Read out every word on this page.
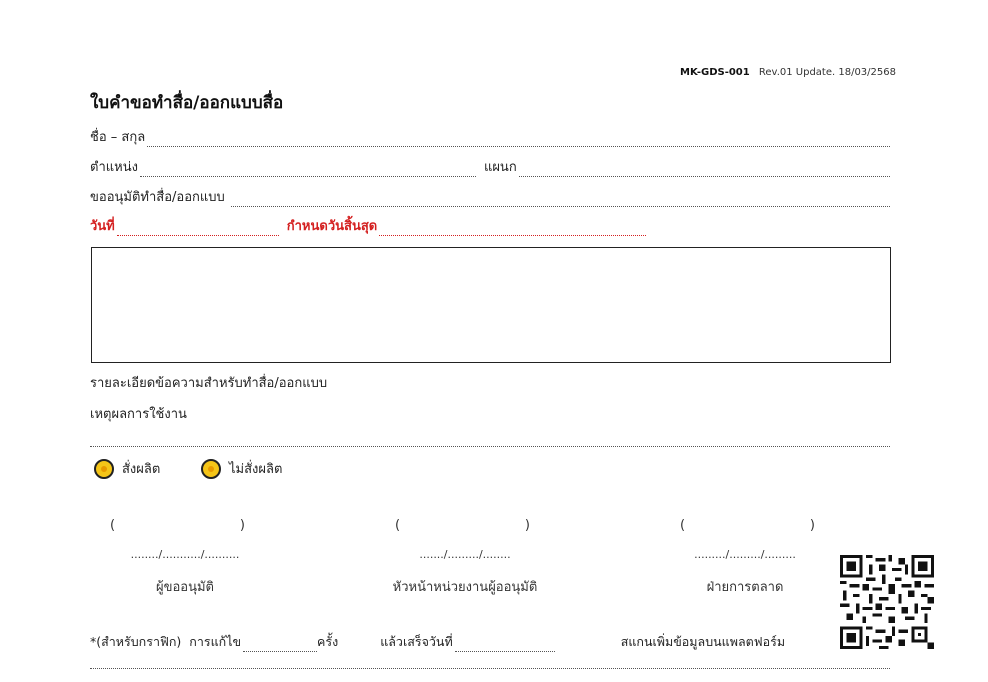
MK-GDS-001 Rev.01 Update. 18/03/2568
ใบคำขอทำสื่อ/ออกแบบสื่อ
ชื่อ – สกุล
ตำแหน่ง	แผนก
ขออนุมัติทำสื่อ/ออกแบบ
วันที่	กำหนดวันสิ้นสุด
รายละเอียดข้อความสำหรับทำสื่อ/ออกแบบ
เหตุผลการใช้งาน
สั่งผลิต	ไม่สั่งผลิต
(	)	(	)	(	)
......../.........../..........	......./........./........	........./........./.........
ผู้ขออนุมัติ	หัวหน้าหน่วยงานผู้ออนุมัติ	ฝ่ายการตลาด
*(สำหรับกราฟิก) การแก้ไข	ครั้ง	แล้วเสร็จวันที่	สแกนเพิ่มข้อมูลบนแพลตฟอร์ม
